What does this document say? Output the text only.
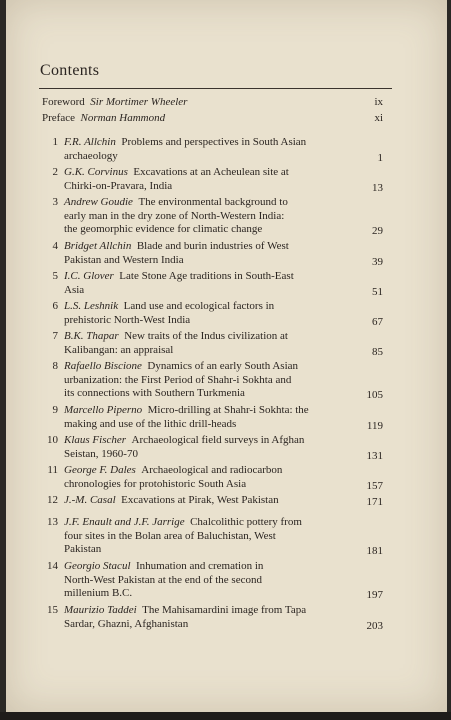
Contents
Foreword  Sir Mortimer Wheeler	ix
Preface  Norman Hammond	xi
1 F.R. Allchin Problems and perspectives in South Asian
archaeology	1
2 G.K. Corvinus Excavations at an Acheulean site at
Chirki-on-Pravara, India	13
3 Andrew Goudie The environmental background to
early man in the dry zone of North-Western India:
the geomorphic evidence for climatic change	29
4 Bridget Allchin Blade and burin industries of West
Pakistan and Western India	39
5 I.C. Glover Late Stone Age traditions in South-East
Asia	51
6 L.S. Leshnik Land use and ecological factors in
prehistoric North-West India	67
7 B.K. Thapar New traits of the Indus civilization at
Kalibangan: an appraisal	85
8 Rafaello Biscione Dynamics of an early South Asian
urbanization: the First Period of Shahr-i Sokhta and
its connections with Southern Turkmenia	105
9 Marcello Piperno Micro-drilling at Shahr-i Sokhta: the
making and use of the lithic drill-heads	119
10 Klaus Fischer Archaeological field surveys in Afghan
Seistan, 1960-70	131
11 George F. Dales Archaeological and radiocarbon
chronologies for protohistoric South Asia	157
12 J.-M. Casal Excavations at Pirak, West Pakistan	171
13 J.F. Enault and J.F. Jarrige Chalcolithic pottery from
four sites in the Bolan area of Baluchistan, West
Pakistan	181
14 Georgio Stacul Inhumation and cremation in
North-West Pakistan at the end of the second
millenium B.C.	197
15 Maurizio Taddei The Mahisamardini image from Tapa
Sardar, Ghazni, Afghanistan	203
